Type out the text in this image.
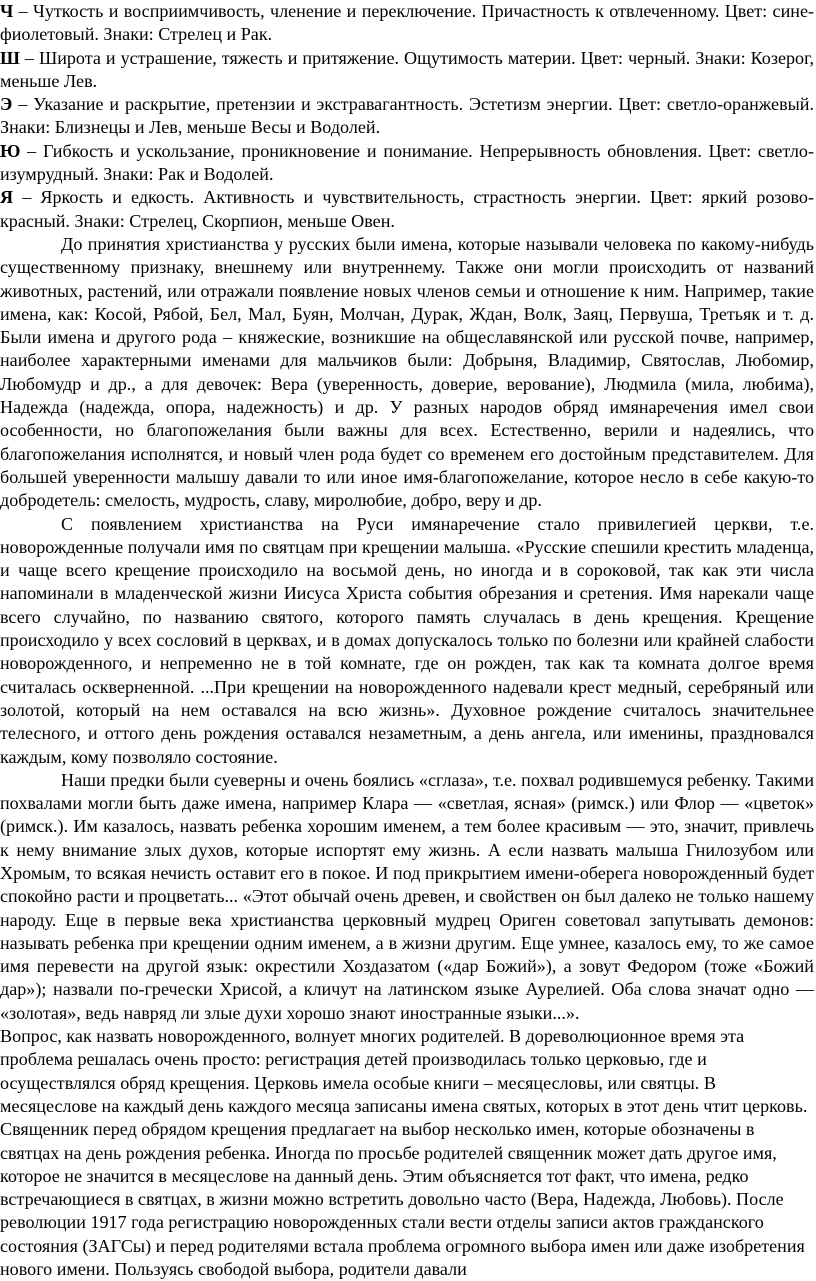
Ч – Чуткость и восприимчивость, членение и переключение. Причастность к отвлеченному. Цвет: сине-фиолетовый. Знаки: Стрелец и Рак.

Ш – Широта и устрашение, тяжесть и притяжение. Ощутимость материи. Цвет: черный. Знаки: Козерог, меньше Лев.

Э – Указание и раскрытие, претензии и экстравагантность. Эстетизм энергии. Цвет: светло-оранжевый. Знаки: Близнецы и Лев, меньше Весы и Водолей.

Ю – Гибкость и ускользание, проникновение и понимание. Непрерывность обновления. Цвет: светло-изумрудный. Знаки: Рак и Водолей.

Я – Яркость и едкость. Активность и чувствительность, страстность энергии. Цвет: яркий розово-красный. Знаки: Стрелец, Скорпион, меньше Овен.

До принятия христианства у русских были имена, которые называли человека по какому-нибудь существенному признаку, внешнему или внутреннему. Также они могли происходить от названий животных, растений, или отражали появление новых членов семьи и отношение к ним. Например, такие имена, как: Косой, Рябой, Бел, Мал, Буян, Молчан, Дурак, Ждан, Волк, Заяц, Первуша, Третьяк и т. д. Были имена и другого рода – княжеские, возникшие на общеславянской или русской почве, например, наиболее характерными именами для мальчиков были: Добрыня, Владимир, Святослав, Любомир, Любомудр и др., а для девочек: Вера (уверенность, доверие, верование), Людмила (мила, любима), Надежда (надежда, опора, надежность) и др. У разных народов обряд имянаречения имел свои особенности, но благопожелания были важны для всех. Естественно, верили и надеялись, что благопожелания исполнятся, и новый член рода будет со временем его достойным представителем. Для большей уверенности малышу давали то или иное имя-благопожелание, которое несло в себе какую-то добродетель: смелость, мудрость, славу, миролюбие, добро, веру и др.

С появлением христианства на Руси имянаречение стало привилегией церкви, т.е. новорожденные получали имя по святцам при крещении малыша. «Русские спешили крестить младенца, и чаще всего крещение происходило на восьмой день, но иногда и в сороковой, так как эти числа напоминали в младенческой жизни Иисуса Христа события обрезания и сретения. Имя нарекали чаще всего случайно, по названию святого, которого память случалась в день крещения. Крещение происходило у всех сословий в церквах, и в домах допускалось только по болезни или крайней слабости новорожденного, и непременно не в той комнате, где он рожден, так как та комната долгое время считалась оскверненной. ...При крещении на новорожденного надевали крест медный, серебряный или золотой, который на нем оставался на всю жизнь». Духовное рождение считалось значительнее телесного, и оттого день рождения оставался незаметным, а день ангела, или именины, праздновался каждым, кому позволяло состояние.

Наши предки были суеверны и очень боялись «сглаза», т.е. похвал родившемуся ребенку. Такими похвалами могли быть даже имена, например Клара — «светлая, ясная» (римск.) или Флор — «цветок» (римск.). Им казалось, назвать ребенка хорошим именем, а тем более красивым — это, значит, привлечь к нему внимание злых духов, которые испортят ему жизнь. А если назвать малыша Гнилозубом или Хромым, то всякая нечисть оставит его в покое. И под прикрытием имени-оберега новорожденный будет спокойно расти и процветать... «Этот обычай очень древен, и свойствен он был далеко не только нашему народу. Еще в первые века христианства церковный мудрец Ориген советовал запутывать демонов: называть ребенка при крещении одним именем, а в жизни другим. Еще умнее, казалось ему, то же самое имя перевести на другой язык: окрестили Хоздазатом («дар Божий»), а зовут Федором (тоже «Божий дар»); назвали по-гречески Хрисой, а кличут на латинском языке Аурелией. Оба слова значат одно — «золотая», ведь навряд ли злые духи хорошо знают иностранные языки...».

Вопрос, как назвать новорожденного, волнует многих родителей. В дореволюционное время эта проблема решалась очень просто: регистрация детей производилась только церковью, где и осуществлялся обряд крещения. Церковь имела особые книги – месяцесловы, или святцы. В месяцеслове на каждый день каждого месяца записаны имена святых, которых в этот день чтит церковь. Священник перед обрядом крещения предлагает на выбор несколько имен, которые обозначены в святцах на день рождения ребенка. Иногда по просьбе родителей священник может дать другое имя, которое не значится в месяцеслове на данный день. Этим объясняется тот факт, что имена, редко встречающиеся в святцах, в жизни можно встретить довольно часто (Вера, Надежда, Любовь). После революции 1917 года регистрацию новорожденных стали вести отделы записи актов гражданского состояния (ЗАГСы) и перед родителями встала проблема огромного выбора имен или даже изобретения нового имени. Пользуясь свободой выбора, родители давали
